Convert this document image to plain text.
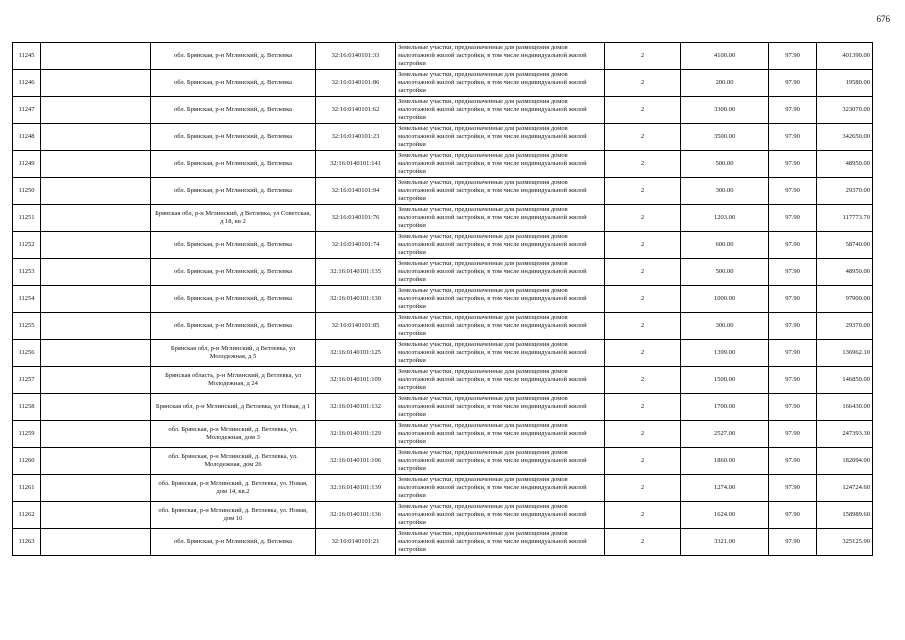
676
11245		обл. Брянская, р-н Мглинский, д. Ветлевка	32:16:0140101:33	Земельные участки, предназначенные для размещения домов малоэтажной жилой застройки, в том числе индивидуальной жилой застройки	2	4100.00	97.90	401390.00
11246		обл. Брянская, р-н Мглинский, д. Ветлевка	32:16:0140101:86	Земельные участки, предназначенные для размещения домов малоэтажной жилой застройки, в том числе индивидуальной жилой застройки	2	200.00	97.90	19580.00
11247		обл. Брянская, р-н Мглинский, д. Ветлевка	32:16:0140101:62	Земельные участки, предназначенные для размещения домов малоэтажной жилой застройки, в том числе индивидуальной жилой застройки	2	3300.00	97.90	323070.00
11248		обл. Брянская, р-н Мглинский, д. Ветлевка	32:16:0140101:23	Земельные участки, предназначенные для размещения домов малоэтажной жилой застройки, в том числе индивидуальной жилой застройки	2	3500.00	97.90	342650.00
11249		обл. Брянская, р-н Мглинский, д. Ветлевка	32:16:0140101:141	Земельные участки, предназначенные для размещения домов малоэтажной жилой застройки, в том числе индивидуальной жилой застройки	2	500.00	97.90	48950.00
11250		обл. Брянская, р-н Мглинский, д. Ветлевка	32:16:0140101:94	Земельные участки, предназначенные для размещения домов малоэтажной жилой застройки, в том числе индивидуальной жилой застройки	2	300.00	97.90	29370.00
11251		Брянская обл, р-н Мглинский, д Ветлевка, ул Советская, д 18, кв 2	32:16:0140101:76	Земельные участки, предназначенные для размещения домов малоэтажной жилой застройки, в том числе индивидуальной жилой застройки	2	1203.00	97.90	117773.70
11252		обл. Брянская, р-н Мглинский, д. Ветлевка	32:16:0140101:74	Земельные участки, предназначенные для размещения домов малоэтажной жилой застройки, в том числе индивидуальной жилой застройки	2	600.00	97.90	58740.00
11253		обл. Брянская, р-н Мглинский, д. Ветлевка	32:16:0140101:135	Земельные участки, предназначенные для размещения домов малоэтажной жилой застройки, в том числе индивидуальной жилой застройки	2	500.00	97.90	48950.00
11254		обл. Брянская, р-н Мглинский, д. Ветлевка	32:16:0140101:130	Земельные участки, предназначенные для размещения домов малоэтажной жилой застройки, в том числе индивидуальной жилой застройки	2	1000.00	97.90	97900.00
11255		обл. Брянская, р-н Мглинский, д. Ветлевка	32:16:0140101:85	Земельные участки, предназначенные для размещения домов малоэтажной жилой застройки, в том числе индивидуальной жилой застройки	2	300.00	97.90	29370.00
11256		Брянская обл, р-н Мглинский, д Ветлевка, ул Молодежная, д 5	32:16:0140101:125	Земельные участки, предназначенные для размещения домов малоэтажной жилой застройки, в том числе индивидуальной жилой застройки	2	1399.00	97.90	136962.10
11257		Брянская область, р-н Мглинский, д Ветлевка, ул Молодежная, д 24	32:16:0140101:109	Земельные участки, предназначенные для размещения домов малоэтажной жилой застройки, в том числе индивидуальной жилой застройки	2	1500.00	97.90	146850.00
11258		Брянская обл, р-н Мглинский, д Ветлевка, ул Новая, д 1	32:16:0140101:132	Земельные участки, предназначенные для размещения домов малоэтажной жилой застройки, в том числе индивидуальной жилой застройки	2	1700.00	97.90	166430.00
11259		обл. Брянская, р-н Мглинский, д. Ветлевка, ул. Молодежная, дом 3	32:16:0140101:129	Земельные участки, предназначенные для размещения домов малоэтажной жилой застройки, в том числе индивидуальной жилой застройки	2	2527.00	97.90	247393.30
11260		обл. Брянская, р-н Мглинский, д. Ветлевка, ул. Молодежная, дом 26	32:16:0140101:106	Земельные участки, предназначенные для размещения домов малоэтажной жилой застройки, в том числе индивидуальной жилой застройки	2	1860.00	97.90	182094.00
11261		обл. Брянская, р-н Мглинский, д. Ветлевка, ул. Новая, дом 14, кв.2	32:16:0140101:139	Земельные участки, предназначенные для размещения домов малоэтажной жилой застройки, в том числе индивидуальной жилой застройки	2	1274.00	97.90	124724.60
11262		обл. Брянская, р-н Мглинский, д. Ветлевка, ул. Новая, дом 10	32:16:0140101:136	Земельные участки, предназначенные для размещения домов малоэтажной жилой застройки, в том числе индивидуальной жилой застройки	2	1624.00	97.90	158989.60
11263		обл. Брянская, р-н Мглинский, д. Ветлевка	32:16:0140101:21	Земельные участки, предназначенные для размещения домов малоэтажной жилой застройки, в том числе индивидуальной жилой застройки	2	3321.00	97.90	325125.90
